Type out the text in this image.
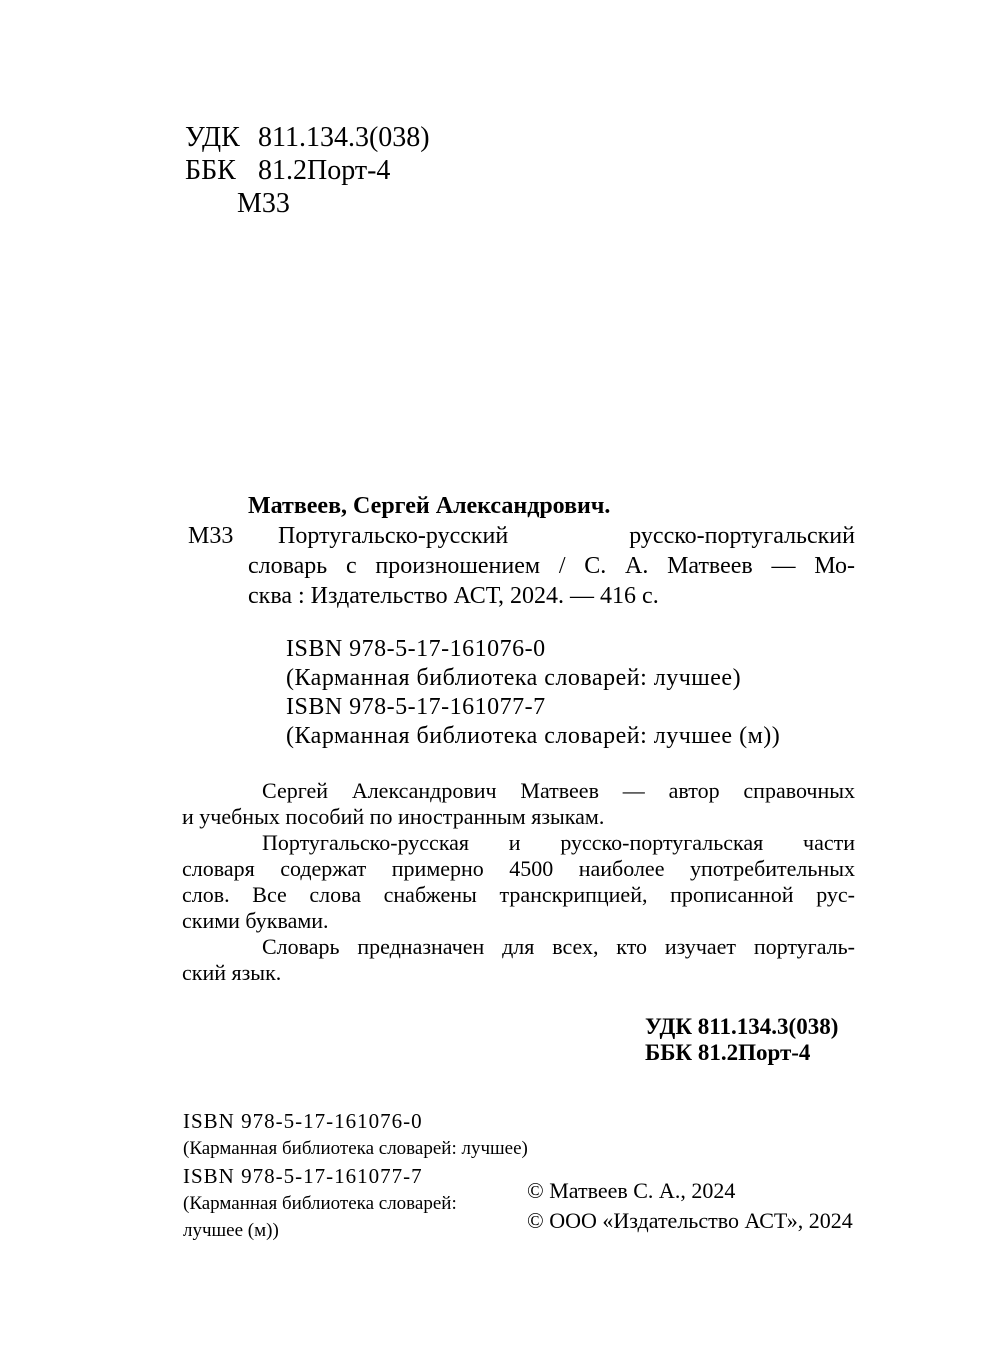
УДК 811.134.3(038)
ББК 81.2Порт-4
М33
М33
Матвеев, Сергей Александрович.
Португальско-русский русско-португальский
словарь с произношением / С. А. Матвеев — Мо-
сква : Издательство АСТ, 2024. — 416 с.
ISBN 978-5-17-161076-0
(Карманная библиотека словарей: лучшее)
ISBN 978-5-17-161077-7
(Карманная библиотека словарей: лучшее (м))
Сергей Александрович Матвеев — автор справочных
и учебных пособий по иностранным языкам.
Португальско-русская и русско-португальская части
словаря содержат примерно 4500 наиболее употребительных
слов. Все слова снабжены транскрипцией, прописанной рус-
скими буквами.
Словарь предназначен для всех, кто изучает португаль-
ский язык.
УДК 811.134.3(038)
ББК 81.2Порт-4
ISBN 978-5-17-161076-0
(Карманная библиотека словарей: лучшее)
ISBN 978-5-17-161077-7
(Карманная библиотека словарей:
лучшее (м))
© Матвеев С. А., 2024
© ООО «Издательство АСТ», 2024
